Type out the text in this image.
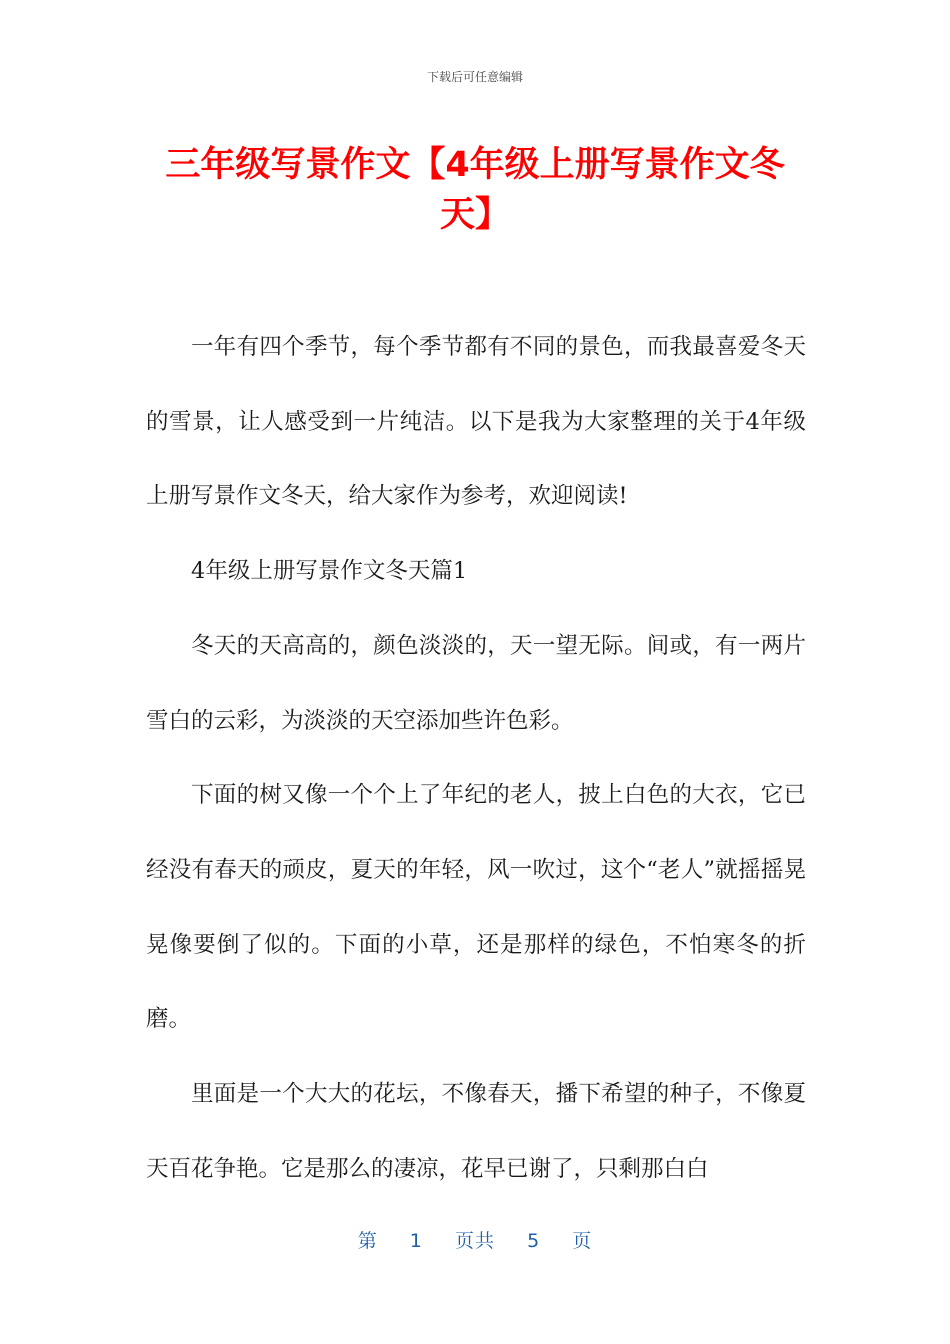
下载后可任意编辑
三年级写景作文【4年级上册写景作文冬天】

一年有四个季节，每个季节都有不同的景色，而我最喜爱冬天的雪景，让人感受到一片纯洁。以下是我为大家整理的关于4年级上册写景作文冬天，给大家作为参考，欢迎阅读!

4年级上册写景作文冬天篇1

冬天的天高高的，颜色淡淡的，天一望无际。间或，有一两片雪白的云彩，为淡淡的天空添加些许色彩。

下面的树又像一个个上了年纪的老人，披上白色的大衣，它已经没有春天的顽皮，夏天的年轻，风一吹过，这个“老人”就摇摇晃晃像要倒了似的。下面的小草，还是那样的绿色，不怕寒冬的折磨。

里面是一个大大的花坛，不像春天，播下希望的种子，不像夏天百花争艳。它是那么的凄凉，花早已谢了，只剩那白白

第 1 页共 5 页
